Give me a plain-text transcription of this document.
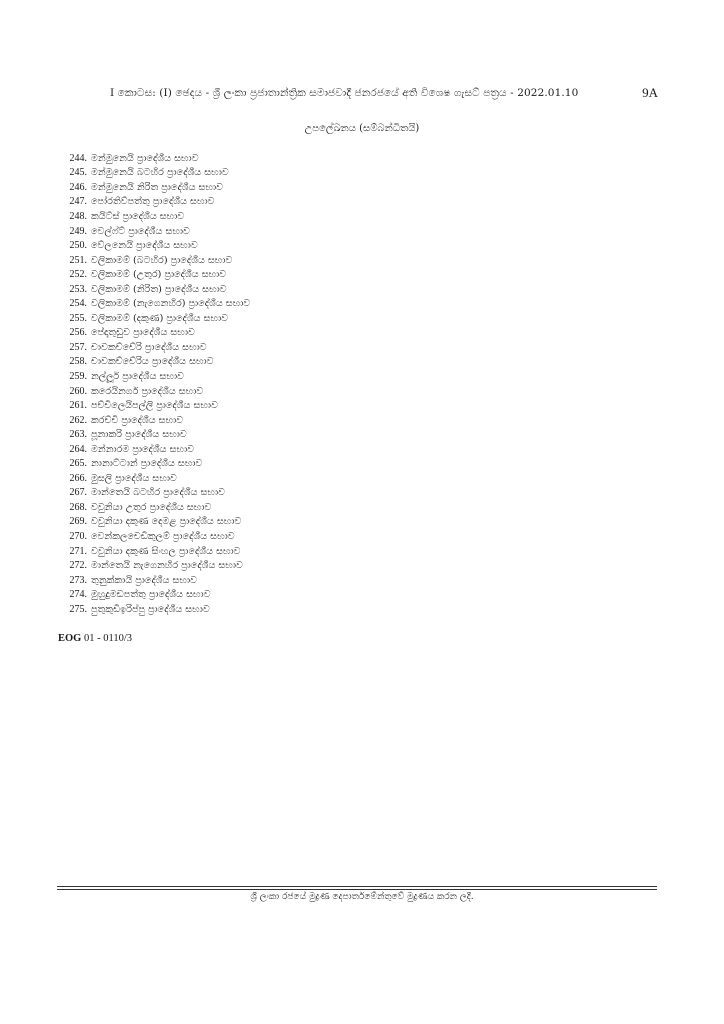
I කොටස: (I) ඡෙදය - ශ්‍රී ලංකා ප්‍රජාතාන්ත්‍රික සමාජවාදී ජනරජයේ අති විශෙෂ ගැසට් පත්‍රය - 2022.01.10	9A
උපලේඛනය (සම්බන්ධිතයි)
244. මන්මුනෙයි ප්‍රාදේශීය සභාව
245. මන්මුනෙයි බටහිර ප්‍රාදේශීය සභාව
246. මන්මුනෙයි නිරිත ප්‍රාදේශීය සභාව
247. පෝරතිව්පත්තු ප්‍රාදේශීය සභාව
248. කයිට්ස් ප්‍රාදේශීය සභාව
249. වෙල්ෆ්ට් ප්‍රාදේශීය සභාව
250. වේලනෙයි ප්‍රාදේශීය සභාව
251. වලිකාමම් (බටහිර) ප්‍රාදේශීය සභාව
252. වලිකාමම් (උතුර) ප්‍රාදේශීය සභාව
253. වලිකාමම් (නිරිත) ප්‍රාදේශීය සභාව
254. වලිකාමම් (නැගෙනහිර) ප්‍රාදේශීය සභාව
255. වලිකාමම් (දකුණ) ප්‍රාදේශීය සභාව
256. පේද්‍රුතුඩුව ප්‍රාදේශීය සභාව
257. චාවකච්චේරි ප්‍රාදේශීය සභාව
258. චාවකච්චේරිය ප්‍රාදේශීය සභාව
259. නල්ලූර් ප්‍රාදේශීය සභාව
260. කරෙයිනගර් ප්‍රාදේශීය සභාව
261. පච්චිලෙයිපල්ලි ප්‍රාදේශීය සභාව
262. කරච්චි ප්‍රාදේශීය සභාව
263. පූනාකරි ප්‍රාදේශීය සභාව
264. මන්නාරම ප්‍රාදේශීය සභාව
265. නානාට්ටාන් ප්‍රාදේශීය සභාව
266. මුසලි ප්‍රාදේශීය සභාව
267. මාන්තෙයි බටහිර ප්‍රාදේශීය සභාව
268. වවුනියා උතුර ප්‍රාදේශීය සභාව
269. වවුනියා දකුණ දෙමළ ප්‍රාදේශීය සභාව
270. වෙන්කලචෙඩිකුලම් ප්‍රාදේශීය සභාව
271. වවුනියා දකුණ සිංහල ප්‍රාදේශීය සභාව
272. මාන්තෙයි නැගෙනහිර ප්‍රාදේශීය සභාව
273. තුනුක්කායි ප්‍රාදේශීය සභාව
274. මුහුදුමඩපත්තු ප්‍රාදේශීය සභාව
275. පුතුකුඩිඉරිප්පු ප්‍රාදේශීය සභාව
EOG 01 - 0110/3
ශ්‍රී ලංකා රජයේ මුද්‍රණ දෙපාර්තමේන්තුවේ මුද්‍රණය කරන ලදී.
